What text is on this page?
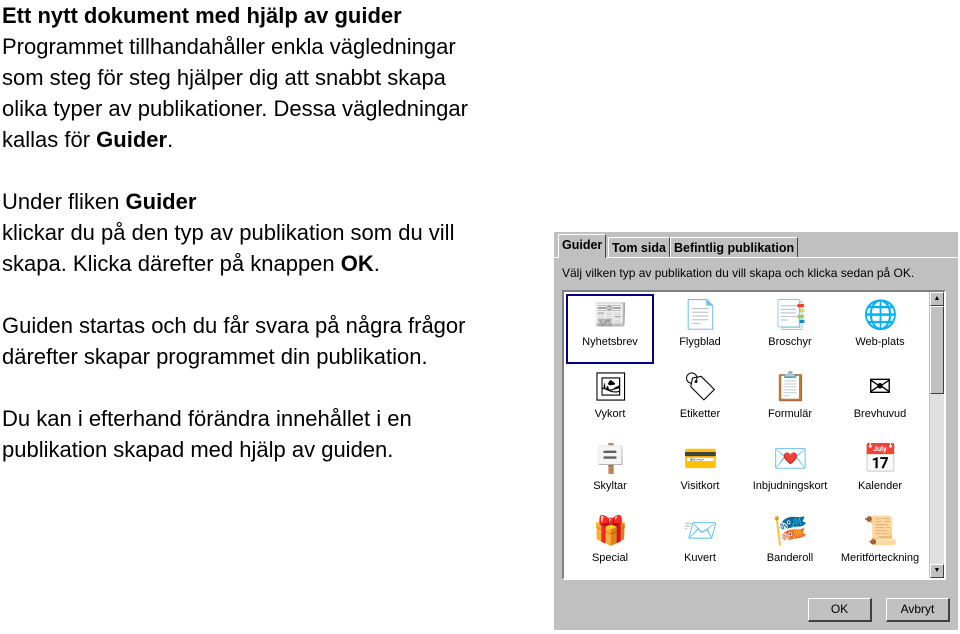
Ett nytt dokument med hjälp av guider

Programmet tillhandahåller enkla vägledningar

som steg för steg hjälper dig att snabbt skapa

olika typer av publikationer. Dessa vägledningar

kallas för Guider.

Under fliken Guider

klickar du på den typ av publikation som du vill

skapa. Klicka därefter på knappen OK.

Guiden startas och du får svara på några frågor

därefter skapar programmet din publikation.

Du kan i efterhand förändra innehållet i en

publikation skapad med hjälp av guiden.

Guider Tom sida Befintlig publikation
Välj vilken typ av publikation du vill skapa och klicka sedan på OK.
📰
Nyhetsbrev
📄
Flygblad
📑
Broschyr
🌐
Web-plats
🖼
Vykort
🏷
Etiketter
📋
Formulär
✉
Brevhuvud
🪧
Skyltar
💳
Visitkort
💌
Inbjudningskort
📅
Kalender
🎁
Special
📨
Kuvert
🎏
Banderoll
📜
Meritförteckning
▲
▼
OK	Avbryt
